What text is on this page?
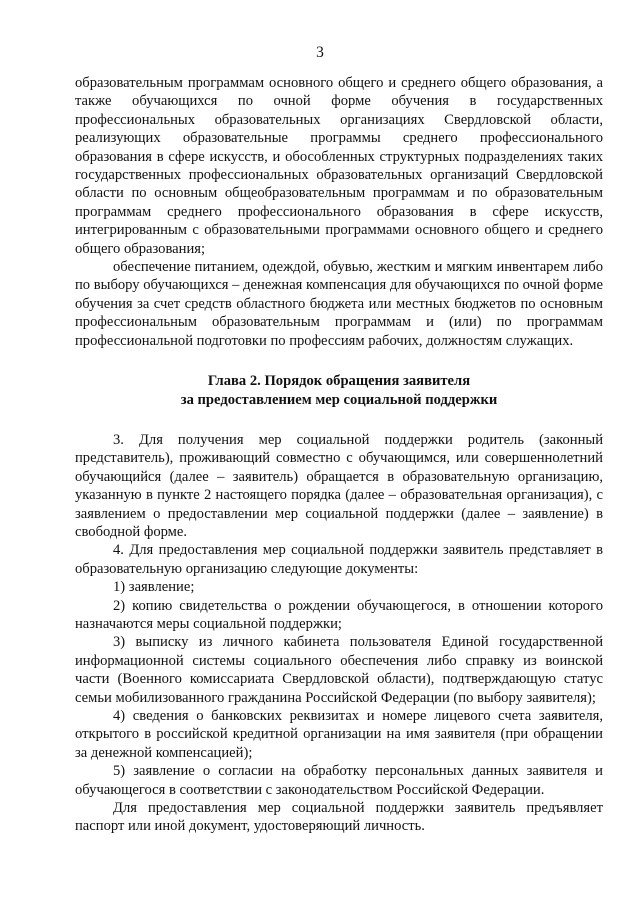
3

образовательным программам основного общего и среднего общего образования, а также обучающихся по очной форме обучения в государственных профессиональных образовательных организациях Свердловской области, реализующих образовательные программы среднего профессионального образования в сфере искусств, и обособленных структурных подразделениях таких государственных профессиональных образовательных организаций Свердловской области по основным общеобразовательным программам и по образовательным программам среднего профессионального образования в сфере искусств, интегрированным с образовательными программами основного общего и среднего общего образования;

обеспечение питанием, одеждой, обувью, жестким и мягким инвентарем либо по выбору обучающихся – денежная компенсация для обучающихся по очной форме обучения за счет средств областного бюджета или местных бюджетов по основным профессиональным образовательным программам и (или) по программам профессиональной подготовки по профессиям рабочих, должностям служащих.

Глава 2. Порядок обращения заявителя

за предоставлением мер социальной поддержки

3. Для получения мер социальной поддержки родитель (законный представитель), проживающий совместно с обучающимся, или совершеннолетний обучающийся (далее – заявитель) обращается в образовательную организацию, указанную в пункте 2 настоящего порядка (далее – образовательная организация), с заявлением о предоставлении мер социальной поддержки (далее – заявление) в свободной форме.

4. Для предоставления мер социальной поддержки заявитель представляет в образовательную организацию следующие документы:

1) заявление;

2) копию свидетельства о рождении обучающегося, в отношении которого назначаются меры социальной поддержки;

3) выписку из личного кабинета пользователя Единой государственной информационной системы социального обеспечения либо справку из воинской части (Военного комиссариата Свердловской области), подтверждающую статус семьи мобилизованного гражданина Российской Федерации (по выбору заявителя);

4) сведения о банковских реквизитах и номере лицевого счета заявителя, открытого в российской кредитной организации на имя заявителя (при обращении за денежной компенсацией);

5) заявление о согласии на обработку персональных данных заявителя и обучающегося в соответствии с законодательством Российской Федерации.

Для предоставления мер социальной поддержки заявитель предъявляет паспорт или иной документ, удостоверяющий личность.
